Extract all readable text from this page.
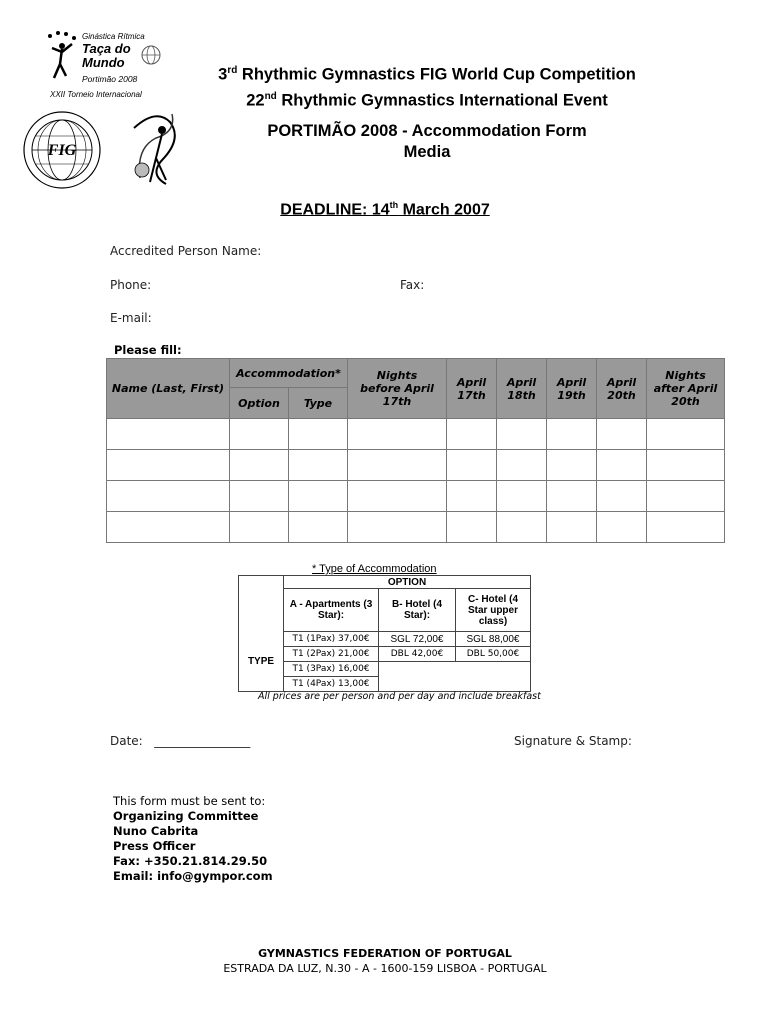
Ginástica Rítmica
Taça do
Mundo
Portimão 2008
XXII Torneio Internacional
FIG
3rd Rhythmic Gymnastics FIG World Cup Competition
22nd Rhythmic Gymnastics International Event
PORTIMÃO 2008 - Accommodation Form
Media
DEADLINE: 14th March 2007
Accredited Person Name:
Phone:	Fax:
E-mail:
Please fill:
Name (Last, First)	Accommodation*		Nights before April 17th	April 17th	April 18th	April 19th	April 20th	Nights after April 20th

	Option	Type						

* Type of Accommodation
	OPTION		

	A - Apartments (3 Star):	B- Hotel (4 Star):	C- Hotel (4 Star upper class)

TYPE	T1 (1Pax) 37,00€	SGL 72,00€	SGL 88,00€
	T1 (2Pax) 21,00€	DBL 42,00€	DBL 50,00€
	T1 (3Pax) 16,00€		
	T1 (4Pax) 13,00€		
All prices are per person and per day and include breakfast
Date: ________________	Signature & Stamp:
This form must be sent to:
Organizing Committee
Nuno Cabrita
Press Officer
Fax: +350.21.814.29.50
Email: info@gympor.com
GYMNASTICS FEDERATION OF PORTUGAL
ESTRADA DA LUZ, N.30 - A - 1600-159 LISBOA - PORTUGAL
